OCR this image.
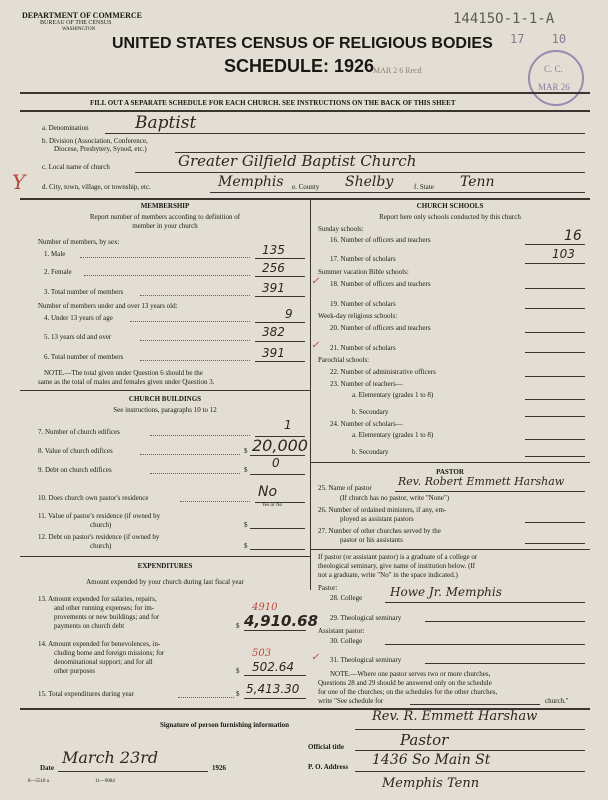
DEPARTMENT OF COMMERCE
BUREAU OF THE CENSUS
WASHINGTON
UNITED STATES CENSUS OF RELIGIOUS BODIES
SCHEDULE: 1926
MAR 2 6 Recd
14415O-1-1-A
17 10
C. C.
MAR 26
FILL OUT A SEPARATE SCHEDULE FOR EACH CHURCH. SEE INSTRUCTIONS ON THE BACK OF THIS SHEET
a. Denomination	Baptist
b. Division (Association, Conference,
Diocese, Presbytery, Synod, etc.)
c. Local name of church	Greater Gilfield Baptist Church
Y d. City, town, village, or township, etc.	Memphis e. County Shelby	f. State Tenn
MEMBERSHIP
Report number of members according to definition of
member in your church
Number of members, by sex:
1. Male	135
2. Female	256
3. Total number of members	391
Number of members under and over 13 years old:
4. Under 13 years of age	9
5. 13 years old and over	382
6. Total number of members	391
NOTE.—The total given under Question 6 should be the
same as the total of males and females given under Question 3.
CHURCH BUILDINGS
See instructions, paragraphs 10 to 12
7. Number of church edifices	1
8. Value of church edifices	$ 20,000
9. Debt on church edifices	$ 0
10. Does church own pastor's residence	No
Yes or No
11. Value of pastor's residence (if owned by
church)	$
12. Debt on pastor's residence (if owned by
church)	$
EXPENDITURES
Amount expended by your church during last fiscal year
13. Amount expended for salaries, repairs,
and other running expenses; for im-
provements or new buildings; and for
payments on church debt
4910
$ 4,910.68
14. Amount expended for benevolences, in-
cluding home and foreign missions; for
denominational support; and for all
other purposes
503
$ 502.64
15. Total expenditures during year	$ 5,413.30
CHURCH SCHOOLS
Report here only schools conducted by this church
Sunday schools:
16. Number of officers and teachers	16
17. Number of scholars	103
Summer vacation Bible schools:
18. Number of officers and teachers
19. Number of scholars
Week-day religious schools:
20. Number of officers and teachers
21. Number of scholars
Parochial schools:
22. Number of administrative officers
23. Number of teachers—
a. Elementary (grades 1 to 8)
b. Secondary
24. Number of scholars—
a. Elementary (grades 1 to 8)
b. Secondary
PASTOR
25. Name of pastor Rev. Robert Emmett Harshaw
(If church has no pastor, write "None")
26. Number of ordained ministers, if any, em-
ployed as assistant pastors
27. Number of other churches served by the
pastor or his assistants
If pastor (or assistant pastor) is a graduate of a college or
theological seminary, give name of institution below. (If
not a graduate, write "No" in the space indicated.)
Pastor:
28. College Howe Jr. Memphis
29. Theological seminary
Assistant pastor:
30. College
31. Theological seminary
NOTE.—Where one pastor serves two or more churches,
Questions 28 and 29 should be answered only on the schedule
for one of the churches; on the schedules for the other churches,
write "See schedule for	church."
✓
✓
✓
Signature of person furnishing information
Rev. R. Emmett Harshaw
Official title	Pastor
P. O. Address 1436 So Main St
Memphis Tenn
Date
March 23rd
1926
8—5518 a	11—9084
